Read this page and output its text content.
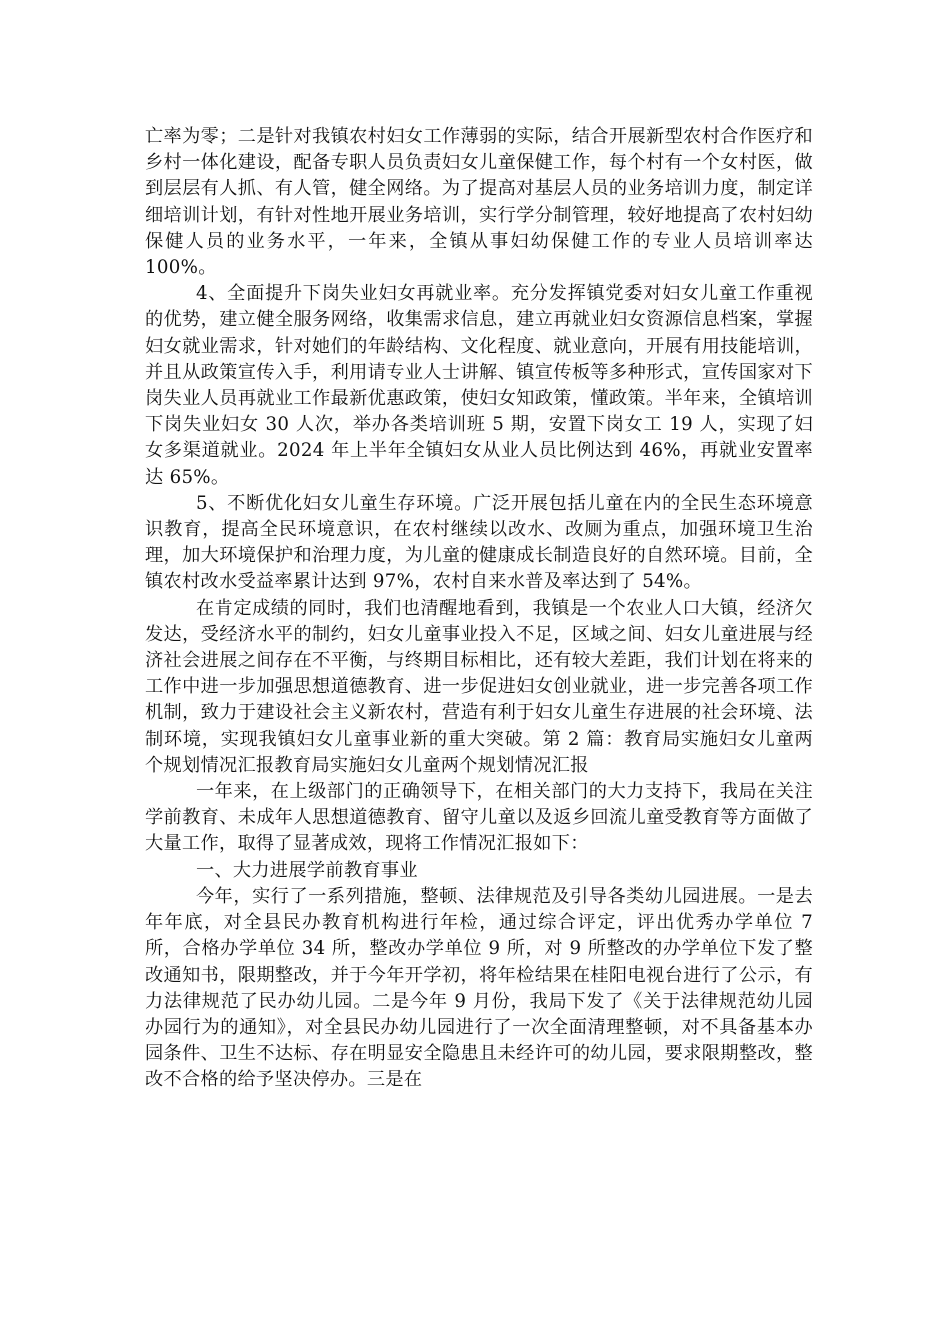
亡率为零；二是针对我镇农村妇女工作薄弱的实际，结合开展新型农村合作医疗和乡村一体化建设，配备专职人员负责妇女儿童保健工作，每个村有一个女村医，做到层层有人抓、有人管，健全网络。为了提高对基层人员的业务培训力度，制定详细培训计划，有针对性地开展业务培训，实行学分制管理，较好地提高了农村妇幼保健人员的业务水平，一年来，全镇从事妇幼保健工作的专业人员培训率达 100%。

4、全面提升下岗失业妇女再就业率。充分发挥镇党委对妇女儿童工作重视的优势，建立健全服务网络，收集需求信息，建立再就业妇女资源信息档案，掌握妇女就业需求，针对她们的年龄结构、文化程度、就业意向，开展有用技能培训，并且从政策宣传入手，利用请专业人士讲解、镇宣传板等多种形式，宣传国家对下岗失业人员再就业工作最新优惠政策，使妇女知政策，懂政策。半年来，全镇培训下岗失业妇女 30 人次，举办各类培训班 5 期，安置下岗女工 19 人，实现了妇女多渠道就业。2024 年上半年全镇妇女从业人员比例达到 46%，再就业安置率达 65%。

5、不断优化妇女儿童生存环境。广泛开展包括儿童在内的全民生态环境意识教育，提高全民环境意识，在农村继续以改水、改厕为重点，加强环境卫生治理，加大环境保护和治理力度，为儿童的健康成长制造良好的自然环境。目前，全镇农村改水受益率累计达到 97%，农村自来水普及率达到了 54%。

在肯定成绩的同时，我们也清醒地看到，我镇是一个农业人口大镇，经济欠发达，受经济水平的制约，妇女儿童事业投入不足，区域之间、妇女儿童进展与经济社会进展之间存在不平衡，与终期目标相比，还有较大差距，我们计划在将来的工作中进一步加强思想道德教育、进一步促进妇女创业就业，进一步完善各项工作机制，致力于建设社会主义新农村，营造有利于妇女儿童生存进展的社会环境、法制环境，实现我镇妇女儿童事业新的重大突破。第 2 篇：教育局实施妇女儿童两个规划情况汇报教育局实施妇女儿童两个规划情况汇报

一年来，在上级部门的正确领导下，在相关部门的大力支持下，我局在关注学前教育、未成年人思想道德教育、留守儿童以及返乡回流儿童受教育等方面做了大量工作，取得了显著成效，现将工作情况汇报如下：

一、大力进展学前教育事业

今年，实行了一系列措施，整顿、法律规范及引导各类幼儿园进展。一是去年年底，对全县民办教育机构进行年检，通过综合评定，评出优秀办学单位 7 所，合格办学单位 34 所，整改办学单位 9 所，对 9 所整改的办学单位下发了整改通知书，限期整改，并于今年开学初，将年检结果在桂阳电视台进行了公示，有力法律规范了民办幼儿园。二是今年 9 月份，我局下发了《关于法律规范幼儿园办园行为的通知》，对全县民办幼儿园进行了一次全面清理整顿，对不具备基本办园条件、卫生不达标、存在明显安全隐患且未经许可的幼儿园，要求限期整改，整改不合格的给予坚决停办。三是在
